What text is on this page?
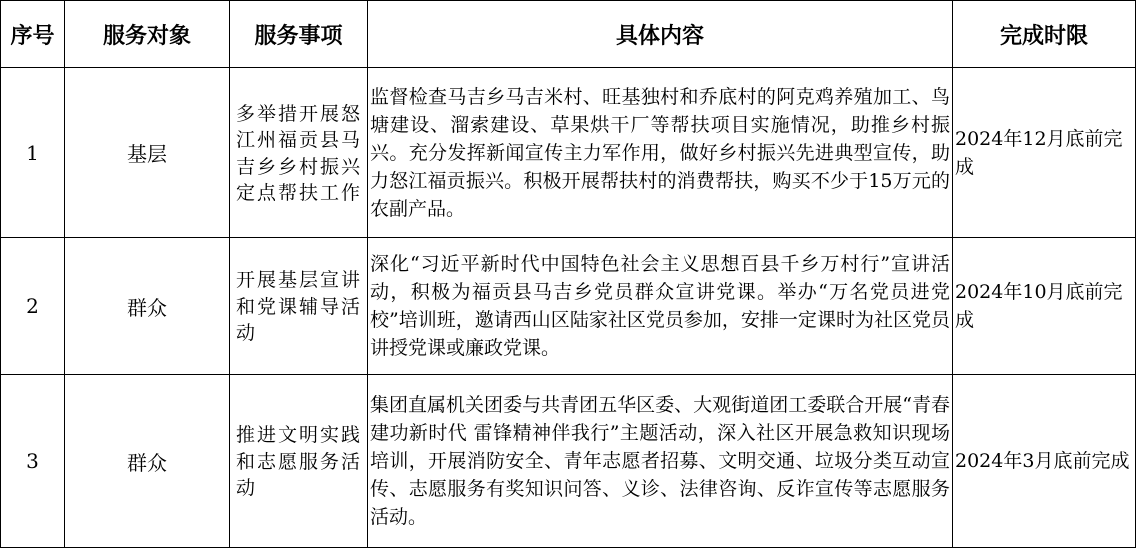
序号	服务对象	服务事项	具体内容	完成时限
1	基层	多举措开展怒江州福贡县马吉乡乡村振兴定点帮扶工作	监督检查马吉乡马吉米村、旺基独村和乔底村的阿克鸡养殖加工、鸟塘建设、溜索建设、草果烘干厂等帮扶项目实施情况，助推乡村振兴。充分发挥新闻宣传主力军作用，做好乡村振兴先进典型宣传，助力怒江福贡振兴。积极开展帮扶村的消费帮扶，购买不少于15万元的农副产品。	2024年12月底前完成
2	群众	开展基层宣讲和党课辅导活动	深化“习近平新时代中国特色社会主义思想百县千乡万村行”宣讲活动，积极为福贡县马吉乡党员群众宣讲党课。举办“万名党员进党校”培训班，邀请西山区陆家社区党员参加，安排一定课时为社区党员讲授党课或廉政党课。	2024年10月底前完成
3	群众	推进文明实践和志愿服务活动	集团直属机关团委与共青团五华区委、大观街道团工委联合开展“青春建功新时代 雷锋精神伴我行”主题活动，深入社区开展急救知识现场培训，开展消防安全、青年志愿者招募、文明交通、垃圾分类互动宣传、志愿服务有奖知识问答、义诊、法律咨询、反诈宣传等志愿服务活动。	2024年3月底前完成
